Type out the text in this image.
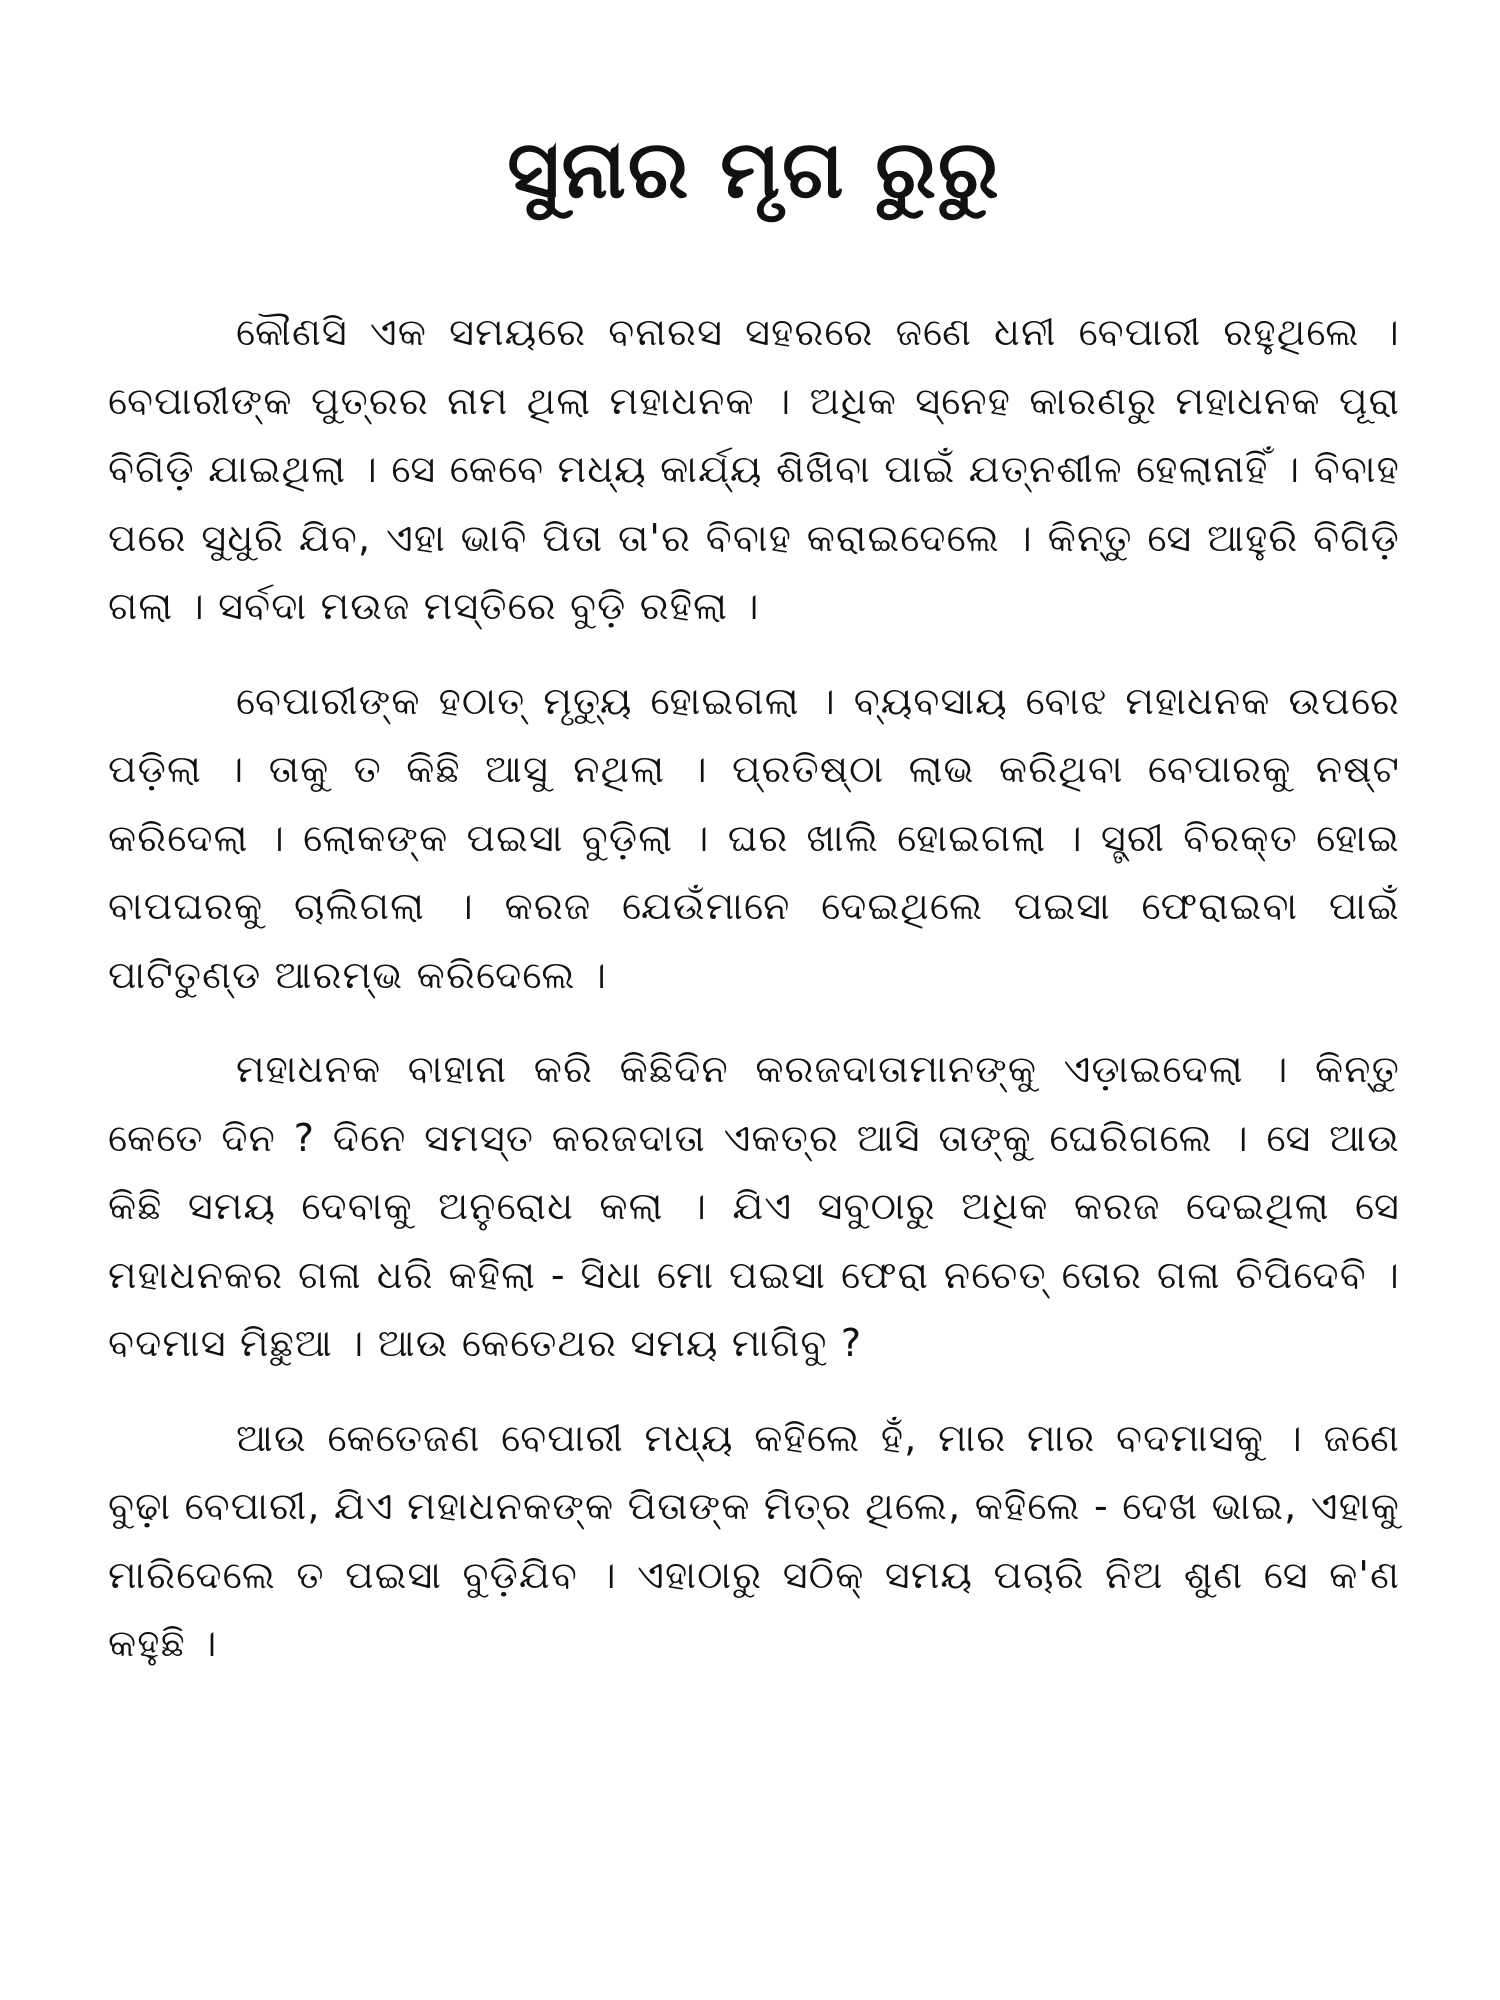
ସୁନାର ମୃଗ ରୁରୁ

କୌଣସି ଏକ ସମୟରେ ବନାରସ ସହରରେ ଜଣେ ଧନୀ ବେପାରୀ ରହୁଥିଲେ । ବେପାରୀଙ୍କ ପୁତ୍ରର ନାମ ଥିଲା ମହାଧନକ । ଅଧିକ ସ୍ନେହ କାରଣରୁ ମହାଧନକ ପୂରା ବିଗିଡ଼ି ଯାଇଥିଲା । ସେ କେବେ ମଧ୍ୟ କାର୍ଯ୍ୟ ଶିଖିବା ପାଇଁ ଯତ୍ନଶୀଳ ହେଲାନାହିଁ । ବିବାହ ପରେ ସୁଧୁରି ଯିବ, ଏହା ଭାବି ପିତା ତା'ର ବିବାହ କରାଇଦେଲେ । କିନ୍ତୁ ସେ ଆହୁରି ବିଗିଡ଼ି ଗଲା । ସର୍ବଦା ମଉଜ ମସ୍ତିରେ ବୁଡ଼ି ରହିଲା ।

ବେପାରୀଙ୍କ ହଠାତ୍ ମୃତ୍ୟୁ ହୋଇଗଲା । ବ୍ୟବସାୟ ବୋଝ ମହାଧନକ ଉପରେ ପଡ଼ିଲା । ତାକୁ ତ କିଛି ଆସୁ ନଥିଲା । ପ୍ରତିଷ୍ଠା ଲାଭ କରିଥିବା ବେପାରକୁ ନଷ୍ଟ କରିଦେଲା । ଲୋକଙ୍କ ପଇସା ବୁଡ଼ିଲା । ଘର ଖାଲି ହୋଇଗଲା । ସ୍ତ୍ରୀ ବିରକ୍ତ ହୋଇ ବାପଘରକୁ ଚାଲିଗଲା । କରଜ ଯେଉଁମାନେ ଦେଇଥିଲେ ପଇସା ଫେରାଇବା ପାଇଁ ପାଟିତୁଣ୍ଡ ଆରମ୍ଭ କରିଦେଲେ ।

ମହାଧନକ ବାହାନା କରି କିଛିଦିନ କରଜଦାତାମାନଙ୍କୁ ଏଡ଼ାଇଦେଲା । କିନ୍ତୁ କେତେ ଦିନ ? ଦିନେ ସମସ୍ତ କରଜଦାତା ଏକତ୍ର ଆସି ତାଙ୍କୁ ଘେରିଗଲେ । ସେ ଆଉ କିଛି ସମୟ ଦେବାକୁ ଅନୁରୋଧ କଲା । ଯିଏ ସବୁଠାରୁ ଅଧିକ କରଜ ଦେଇଥିଲା ସେ ମହାଧନକର ଗଳା ଧରି କହିଲା - ସିଧା ମୋ ପଇସା ଫେରା ନଚେତ୍ ତୋର ଗଳା ଚିପିଦେବି । ବଦମାସ ମିଛୁଆ । ଆଉ କେତେଥର ସମୟ ମାଗିବୁ ?

ଆଉ କେତେଜଣ ବେପାରୀ ମଧ୍ୟ କହିଲେ ହଁ, ମାର ମାର ବଦମାସକୁ । ଜଣେ ବୁଢ଼ା ବେପାରୀ, ଯିଏ ମହାଧନକଙ୍କ ପିତାଙ୍କ ମିତ୍ର ଥିଲେ, କହିଲେ - ଦେଖ ଭାଇ, ଏହାକୁ ମାରିଦେଲେ ତ ପଇସା ବୁଡ଼ିଯିବ । ଏହାଠାରୁ ସଠିକ୍ ସମୟ ପଚାରି ନିଅ ଶୁଣ ସେ କ'ଣ କହୁଛି ।
